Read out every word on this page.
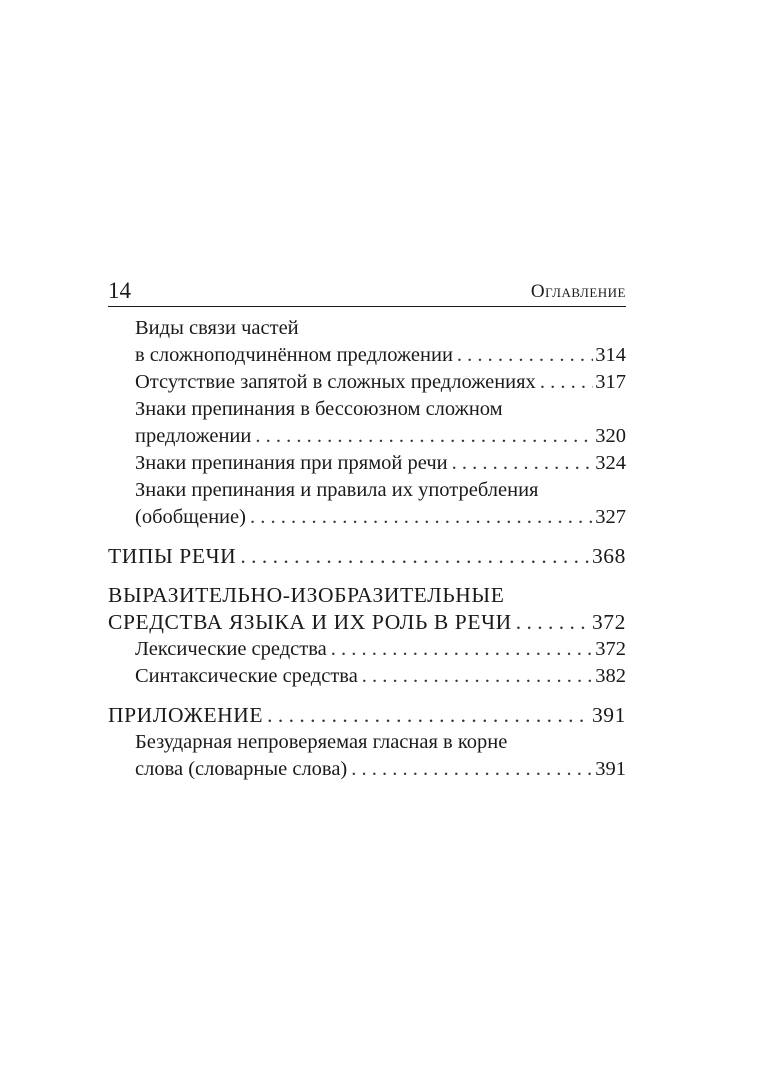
14	Оглавление
Виды связи частей
в сложноподчинённом предложении . . .	314
Отсутствие запятой в сложных предложениях . . .	317
Знаки препинания в бессоюзном сложном
предложении . . .	320
Знаки препинания при прямой речи . . .	324
Знаки препинания и правила их употребления
(обобщение) . . .	327
ТИПЫ РЕЧИ . . .	368
ВЫРАЗИТЕЛЬНО-ИЗОБРАЗИТЕЛЬНЫЕ
СРЕДСТВА ЯЗЫКА И ИХ РОЛЬ В РЕЧИ . . .	372
Лексические средства . . .	372
Синтаксические средства . . .	382
ПРИЛОЖЕНИЕ . . .	391
Безударная непроверяемая гласная в корне
слова (словарные слова) . . .	391
